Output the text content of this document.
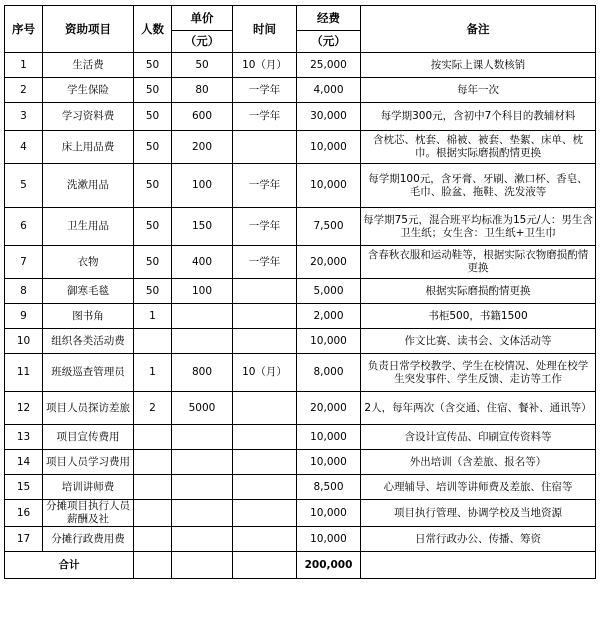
序号	资助项目	人数	单价	时间	经费	备注
			（元）		（元）	
1	生活费	50	50	10（月）	25,000	按实际上课人数核销
2	学生保险	50	80	一学年	4,000	每年一次
3	学习资料费	50	600	一学年	30,000	每学期300元，含初中7个科目的教辅材料
4	床上用品费	50	200		10,000	含枕芯、枕套、棉被、被套、垫絮、床单、枕巾。根据实际磨损酌情更换
5	洗漱用品	50	100	一学年	10,000	每学期100元，含牙膏、牙刷、漱口杯、香皂、毛巾、脸盆、拖鞋、洗发液等
6	卫生用品	50	150	一学年	7,500	每学期75元，混合班平均标准为15元/人：男生含卫生纸；女生含：卫生纸+卫生巾
7	衣物	50	400	一学年	20,000	含春秋衣服和运动鞋等，根据实际衣物磨损酌情更换
8	御寒毛毯	50	100		5,000	根据实际磨损酌情更换
9	图书角	1			2,000	书柜500，书籍1500
10	组织各类活动费				10,000	作文比赛、读书会、文体活动等
11	班级巡查管理员	1	800	10（月）	8,000	负责日常学校教学、学生在校情况、处理在校学生突发事件、学生反馈、走访等工作
12	项目人员探访差旅	2	5000		20,000	2人，每年两次（含交通、住宿、餐补、通讯等）
13	项目宣传费用				10,000	含设计宣传品、印刷宣传资料等
14	项目人员学习费用				10,000	外出培训（含差旅、报名等）
15	培训讲师费				8,500	心理辅导、培训等讲师费及差旅、住宿等
16	分摊项目执行人员薪酬及社				10,000	项目执行管理、协调学校及当地资源
17	分摊行政费用费				10,000	日常行政办公、传播、筹资
合计					200,000	
